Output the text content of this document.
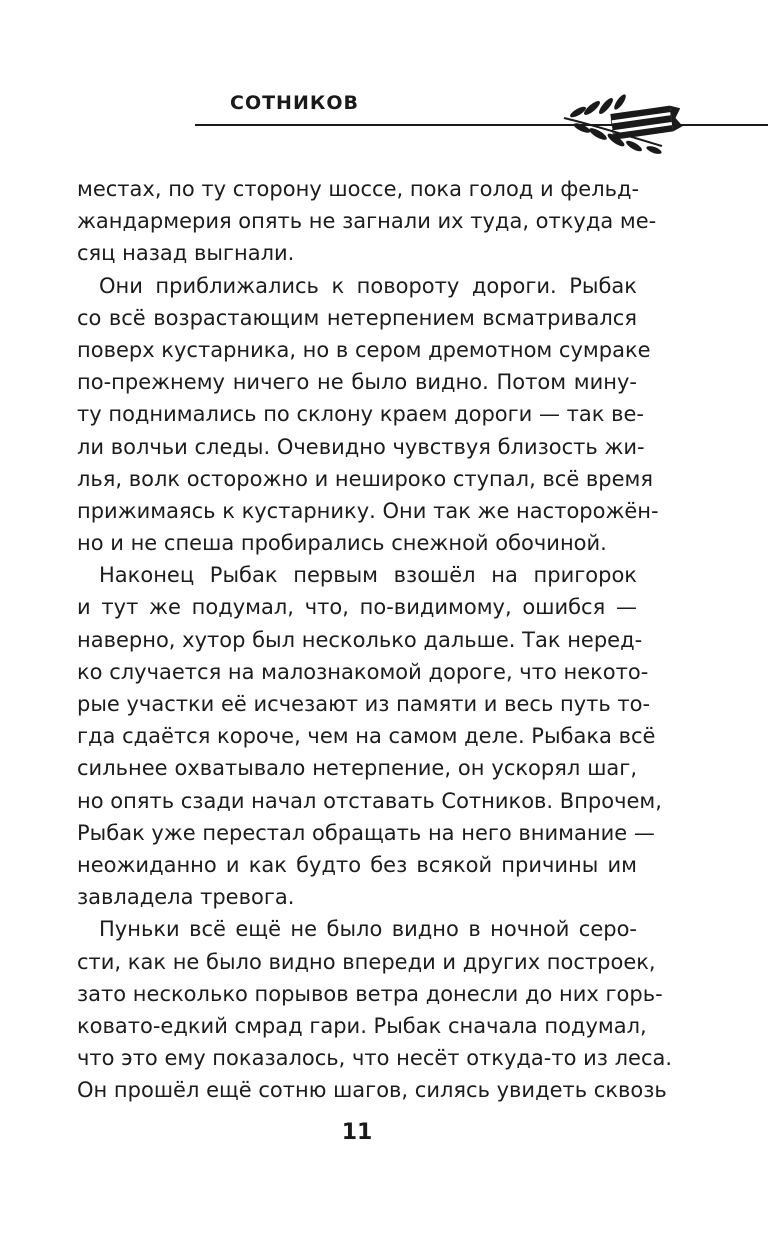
СОТНИКОВ
местах, по ту сторону шоссе, пока голод и фельд-
жандармерия опять не загнали их туда, откуда ме-
сяц назад выгнали.
Они приближались к повороту дороги. Рыбак
со всё возрастающим нетерпением всматривался
поверх кустарника, но в сером дремотном сумраке
по-прежнему ничего не было видно. Потом мину-
ту поднимались по склону краем дороги — так ве-
ли волчьи следы. Очевидно чувствуя близость жи-
лья, волк осторожно и нешироко ступал, всё время
прижимаясь к кустарнику. Они так же насторожён-
но и не спеша пробирались снежной обочиной.
Наконец Рыбак первым взошёл на пригорок
и тут же подумал, что, по-видимому, ошибся —
наверно, хутор был несколько дальше. Так неред-
ко случается на малознакомой дороге, что некото-
рые участки её исчезают из памяти и весь путь то-
гда сдаётся короче, чем на самом деле. Рыбака всё
сильнее охватывало нетерпение, он ускорял шаг,
но опять сзади начал отставать Сотников. Впрочем,
Рыбак уже перестал обращать на него внимание —
неожиданно и как будто без всякой причины им
завладела тревога.
Пуньки всё ещё не было видно в ночной серо-
сти, как не было видно впереди и других построек,
зато несколько порывов ветра донесли до них горь-
ковато-едкий смрад гари. Рыбак сначала подумал,
что это ему показалось, что несёт откуда-то из леса.
Он прошёл ещё сотню шагов, силясь увидеть сквозь
11
